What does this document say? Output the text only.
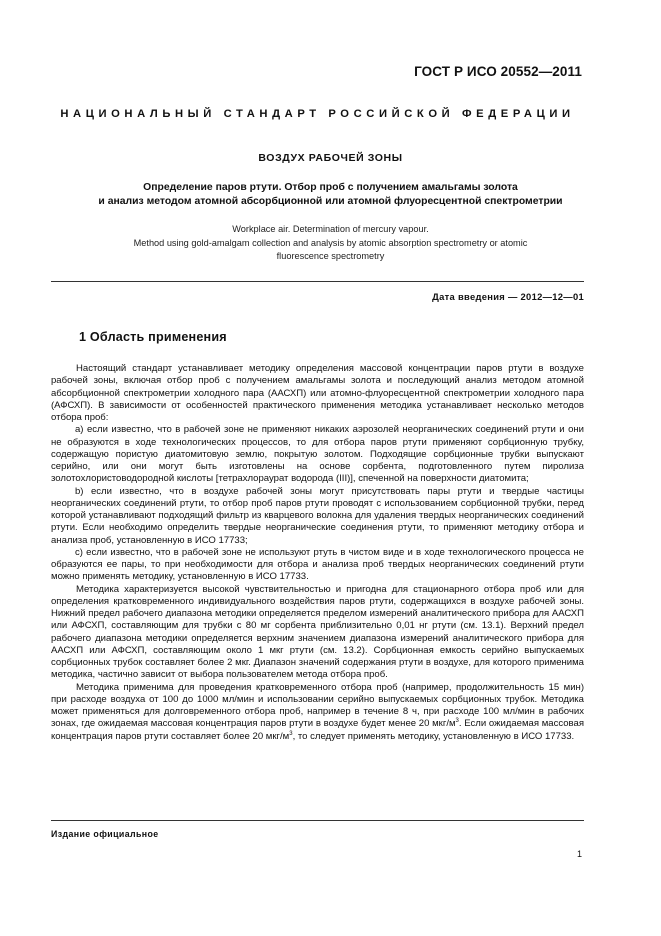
ГОСТ Р ИСО 20552—2011
НАЦИОНАЛЬНЫЙ СТАНДАРТ РОССИЙСКОЙ ФЕДЕРАЦИИ
ВОЗДУХ РАБОЧЕЙ ЗОНЫ
Определение паров ртути. Отбор проб с получением амальгамы золота
и анализ методом атомной абсорбционной или атомной флуоресцентной спектрометрии
Workplace air. Determination of mercury vapour.
Method using gold-amalgam collection and analysis by atomic absorption spectrometry or atomic
fluorescence spectrometry
Дата введения — 2012—12—01
1 Область применения

Настоящий стандарт устанавливает методику определения массовой концентрации паров ртути в воздухе рабочей зоны, включая отбор проб с получением амальгамы золота и последующий анализ методом атомной абсорбционной спектрометрии холодного пара (ААСХП) или атомно-флуоресцентной спектрометрии холодного пара (АФСХП). В зависимости от особенностей практического применения методика устанавливает несколько методов отбора проб:

а) если известно, что в рабочей зоне не применяют никаких аэрозолей неорганических соединений ртути и они не образуются в ходе технологических процессов, то для отбора паров ртути применяют сорбционную трубку, содержащую пористую диатомитовую землю, покрытую золотом. Подходящие сорбционные трубки выпускают серийно, или они могут быть изготовлены на основе сорбента, подготовленного путем пиролиза золотохлористоводородной кислоты [тетрахлораурат водорода (III)], спеченной на поверхности диатомита;

b) если известно, что в воздухе рабочей зоны могут присутствовать пары ртути и твердые частицы неорганических соединений ртути, то отбор проб паров ртути проводят с использованием сорбционной трубки, перед которой устанавливают подходящий фильтр из кварцевого волокна для удаления твердых неорганических соединений ртути. Если необходимо определить твердые неорганические соединения ртути, то применяют методику отбора и анализа проб, установленную в ИСО 17733;

c) если известно, что в рабочей зоне не используют ртуть в чистом виде и в ходе технологического процесса не образуются ее пары, то при необходимости для отбора и анализа проб твердых неорганических соединений ртути можно применять методику, установленную в ИСО 17733.

Методика характеризуется высокой чувствительностью и пригодна для стационарного отбора проб или для определения кратковременного индивидуального воздействия паров ртути, содержащихся в воздухе рабочей зоны. Нижний предел рабочего диапазона методики определяется пределом измерений аналитического прибора для ААСХП или АФСХП, составляющим для трубки с 80 мг сорбента приблизительно 0,01 нг ртути (см. 13.1). Верхний предел рабочего диапазона методики определяется верхним значением диапазона измерений аналитического прибора для ААСХП или АФСХП, составляющим около 1 мкг ртути (см. 13.2). Сорбционная емкость серийно выпускаемых сорбционных трубок составляет более 2 мкг. Диапазон значений содержания ртути в воздухе, для которого применима методика, частично зависит от выбора пользователем метода отбора проб.

Методика применима для проведения кратковременного отбора проб (например, продолжительность 15 мин) при расходе воздуха от 100 до 1000 мл/мин и использовании серийно выпускаемых сорбционных трубок. Методика может применяться для долговременного отбора проб, например в течение 8 ч, при расходе 100 мл/мин в рабочих зонах, где ожидаемая массовая концентрация паров ртути в воздухе будет менее 20 мкг/$м^3$. Если ожидаемая массовая концентрация паров ртути составляет более 20 мкг/$м^3$, то следует применять методику, установленную в ИСО 17733.

Издание официальное
1
